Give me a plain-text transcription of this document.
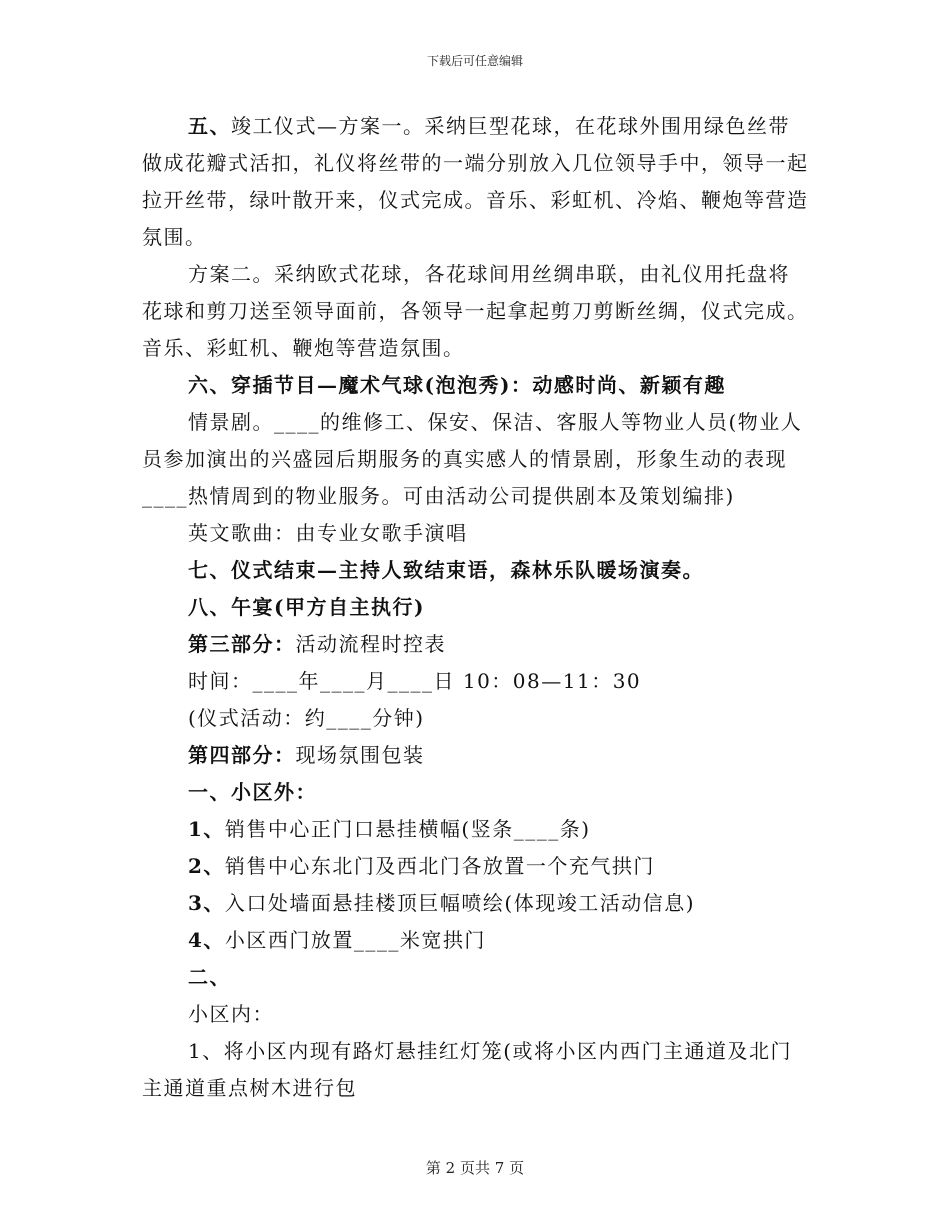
下载后可任意编辑

五、竣工仪式—方案一。采纳巨型花球，在花球外围用绿色丝带做成花瓣式活扣，礼仪将丝带的一端分别放入几位领导手中，领导一起拉开丝带，绿叶散开来，仪式完成。音乐、彩虹机、冷焰、鞭炮等营造氛围。

方案二。采纳欧式花球，各花球间用丝绸串联，由礼仪用托盘将花球和剪刀送至领导面前，各领导一起拿起剪刀剪断丝绸，仪式完成。音乐、彩虹机、鞭炮等营造氛围。

六、穿插节目—魔术气球(泡泡秀)：动感时尚、新颖有趣

情景剧。____的维修工、保安、保洁、客服人等物业人员(物业人员参加演出的兴盛园后期服务的真实感人的情景剧，形象生动的表现____热情周到的物业服务。可由活动公司提供剧本及策划编排)

英文歌曲：由专业女歌手演唱

七、仪式结束—主持人致结束语，森林乐队暖场演奏。

八、午宴(甲方自主执行)

第三部分：活动流程时控表

时间：____年____月____日 10：08—11：30

(仪式活动：约____分钟)

第四部分：现场氛围包装

一、小区外：

1、销售中心正门口悬挂横幅(竖条____条)

2、销售中心东北门及西北门各放置一个充气拱门

3、入口处墙面悬挂楼顶巨幅喷绘(体现竣工活动信息)

4、小区西门放置____米宽拱门

二、

小区内：

1、将小区内现有路灯悬挂红灯笼(或将小区内西门主通道及北门主通道重点树木进行包

第 2 页共 7 页
